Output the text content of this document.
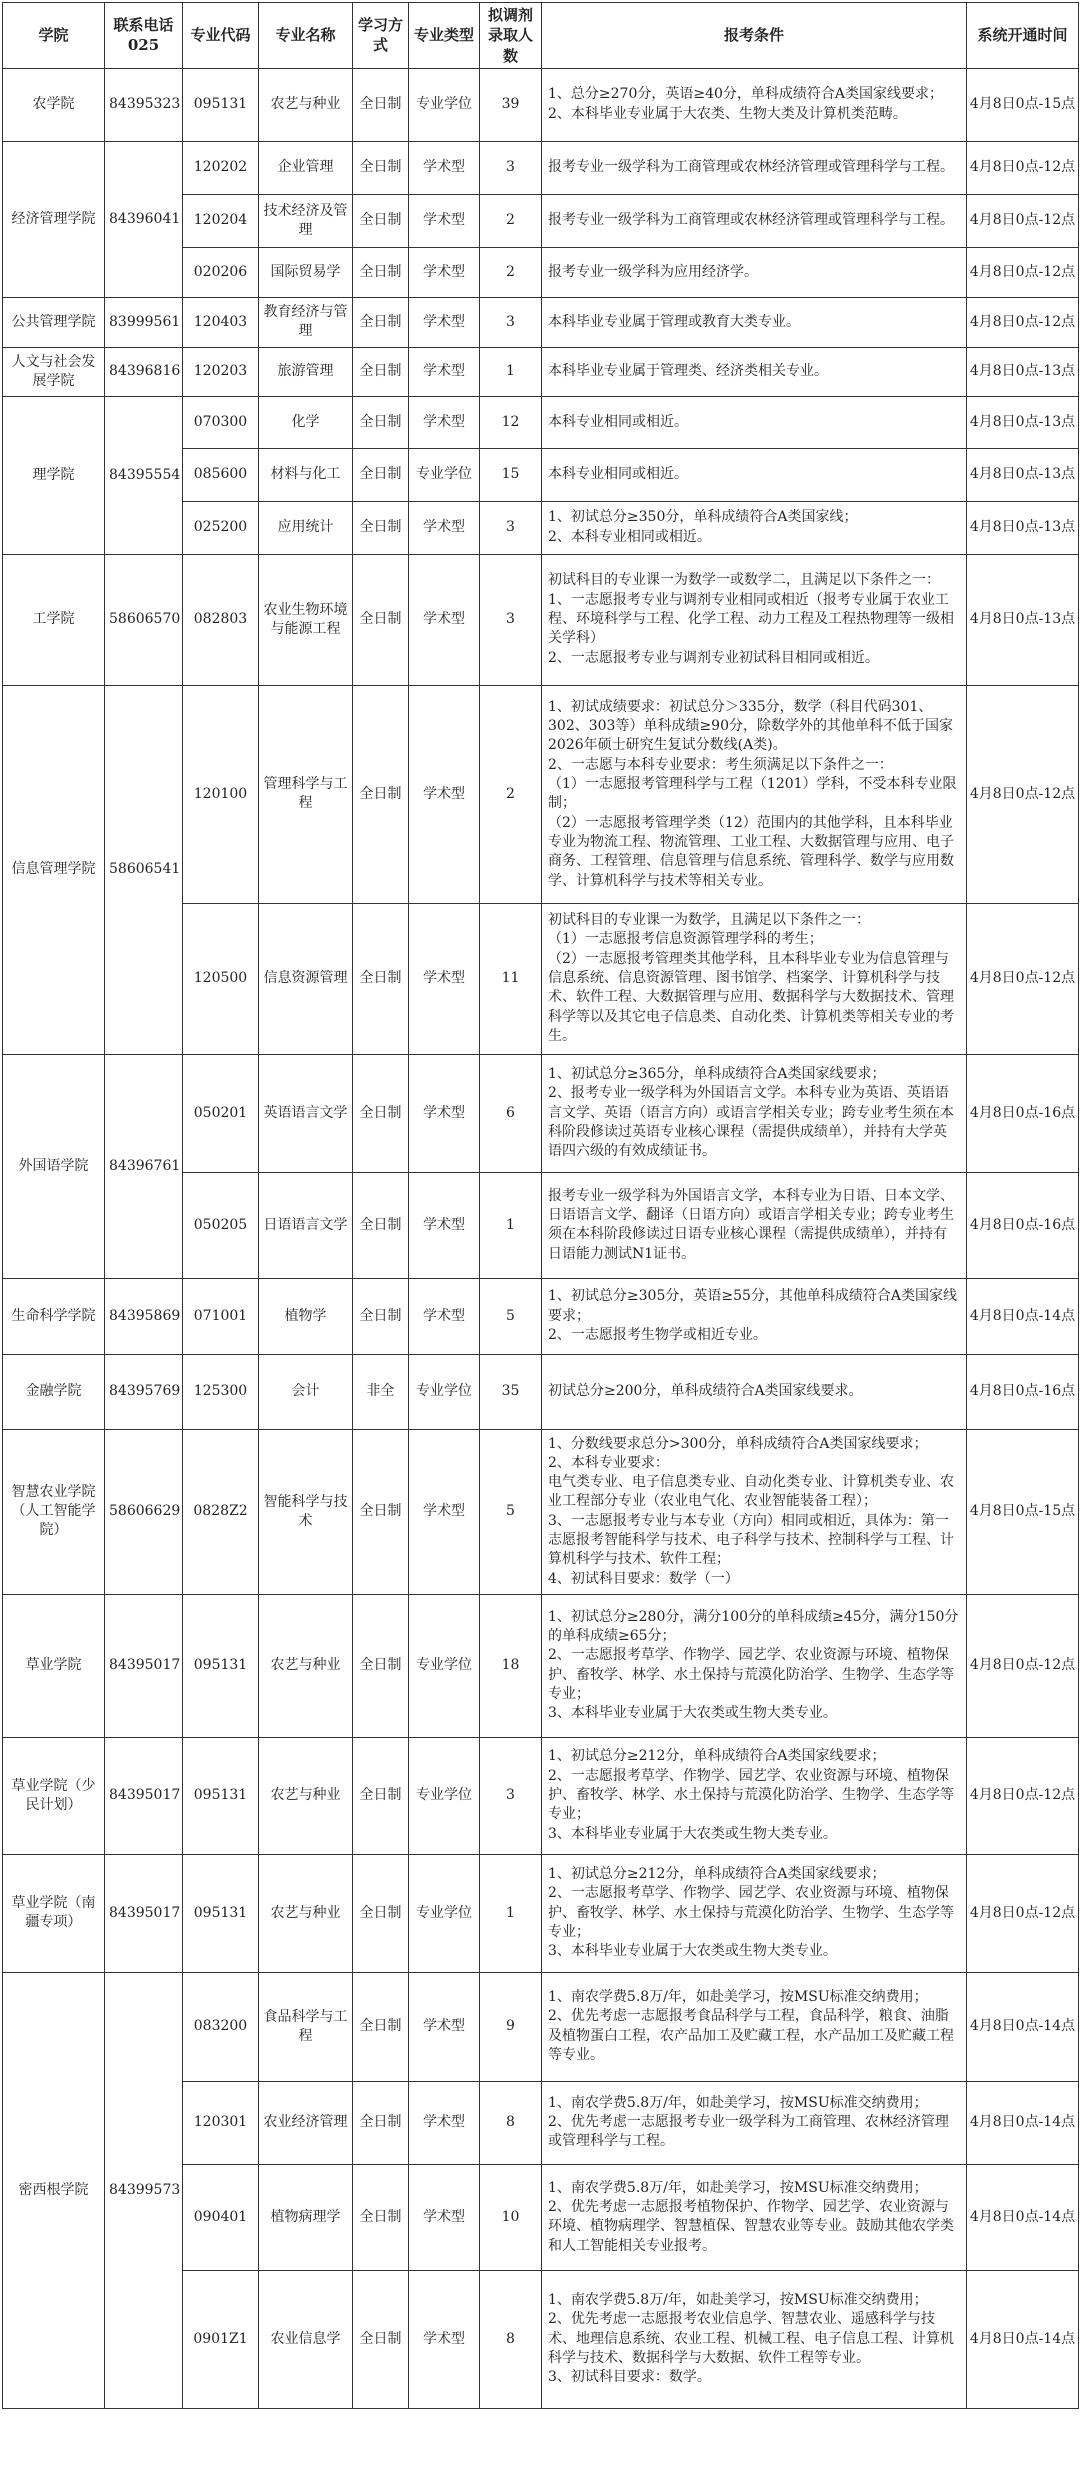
学院	联系电话025	专业代码	专业名称	学习方式	专业类型	拟调剂录取人数	报考条件	系统开通时间
农学院	84395323	095131	农艺与种业	全日制	专业学位	39	1、总分≥270分，英语≥40分，单科成绩符合A类国家线要求；
2、本科毕业专业属于大农类、生物大类及计算机类范畴。	4月8日0点-15点
经济管理学院	84396041	120202	企业管理	全日制	学术型	3	报考专业一级学科为工商管理或农林经济管理或管理科学与工程。	4月8日0点-12点
		120204	技术经济及管理	全日制	学术型	2	报考专业一级学科为工商管理或农林经济管理或管理科学与工程。	4月8日0点-12点
		020206	国际贸易学	全日制	学术型	2	报考专业一级学科为应用经济学。	4月8日0点-12点
公共管理学院	83999561	120403	教育经济与管理	全日制	学术型	3	本科毕业专业属于管理或教育大类专业。	4月8日0点-12点
人文与社会发展学院	84396816	120203	旅游管理	全日制	学术型	1	本科毕业专业属于管理类、经济类相关专业。	4月8日0点-13点
理学院	84395554	070300	化学	全日制	学术型	12	本科专业相同或相近。	4月8日0点-13点
		085600	材料与化工	全日制	专业学位	15	本科专业相同或相近。	4月8日0点-13点
		025200	应用统计	全日制	学术型	3	1、初试总分≥350分，单科成绩符合A类国家线；
2、本科专业相同或相近。	4月8日0点-13点
工学院	58606570	082803	农业生物环境与能源工程	全日制	学术型	3	初试科目的专业课一为数学一或数学二，且满足以下条件之一：
1、一志愿报考专业与调剂专业相同或相近（报考专业属于农业工程、环境科学与工程、化学工程、动力工程及工程热物理等一级相关学科）
2、一志愿报考专业与调剂专业初试科目相同或相近。	4月8日0点-13点
信息管理学院	58606541	120100	管理科学与工程	全日制	学术型	2	1、初试成绩要求：初试总分＞335分，数学（科目代码301、302、303等）单科成绩≥90分，除数学外的其他单科不低于国家2026年硕士研究生复试分数线(A类)。
2、一志愿与本科专业要求：考生须满足以下条件之一：
（1）一志愿报考管理科学与工程（1201）学科，不受本科专业限制；
（2）一志愿报考管理学类（12）范围内的其他学科，且本科毕业专业为物流工程、物流管理、工业工程、大数据管理与应用、电子商务、工程管理、信息管理与信息系统、管理科学、数学与应用数学、计算机科学与技术等相关专业。	4月8日0点-12点
		120500	信息资源管理	全日制	学术型	11	初试科目的专业课一为数学，且满足以下条件之一：
（1）一志愿报考信息资源管理学科的考生；
（2）一志愿报考管理类其他学科，且本科毕业专业为信息管理与信息系统、信息资源管理、图书馆学、档案学、计算机科学与技术、软件工程、大数据管理与应用、数据科学与大数据技术、管理科学等以及其它电子信息类、自动化类、计算机类等相关专业的考生。	4月8日0点-12点
外国语学院	84396761	050201	英语语言文学	全日制	学术型	6	1、初试总分≥365分，单科成绩符合A类国家线要求；
2、报考专业一级学科为外国语言文学。本科专业为英语、英语语言文学、英语（语言方向）或语言学相关专业；跨专业考生须在本科阶段修读过英语专业核心课程（需提供成绩单），并持有大学英语四六级的有效成绩证书。	4月8日0点-16点
		050205	日语语言文学	全日制	学术型	1	报考专业一级学科为外国语言文学，本科专业为日语、日本文学、日语语言文学、翻译（日语方向）或语言学相关专业；跨专业考生须在本科阶段修读过日语专业核心课程（需提供成绩单），并持有日语能力测试N1证书。	4月8日0点-16点
生命科学学院	84395869	071001	植物学	全日制	学术型	5	1、初试总分≥305分，英语≥55分，其他单科成绩符合A类国家线要求；
2、一志愿报考生物学或相近专业。	4月8日0点-14点
金融学院	84395769	125300	会计	非全	专业学位	35	初试总分≥200分，单科成绩符合A类国家线要求。	4月8日0点-16点
智慧农业学院（人工智能学院）	58606629	0828Z2	智能科学与技术	全日制	学术型	5	1、分数线要求总分>300分，单科成绩符合A类国家线要求；
2、本科专业要求：
电气类专业、电子信息类专业、自动化类专业、计算机类专业、农业工程部分专业（农业电气化、农业智能装备工程）；
3、一志愿报考专业与本专业（方向）相同或相近，具体为：第一志愿报考智能科学与技术、电子科学与技术、控制科学与工程、计算机科学与技术、软件工程；
4、初试科目要求：数学（一）	4月8日0点-15点
草业学院	84395017	095131	农艺与种业	全日制	专业学位	18	1、初试总分≥280分，满分100分的单科成绩≥45分，满分150分的单科成绩≥65分；
2、一志愿报考草学、作物学、园艺学、农业资源与环境、植物保护、畜牧学、林学、水土保持与荒漠化防治学、生物学、生态学等专业；
3、本科毕业专业属于大农类或生物大类专业。	4月8日0点-12点
草业学院（少民计划）	84395017	095131	农艺与种业	全日制	专业学位	3	1、初试总分≥212分，单科成绩符合A类国家线要求；
2、一志愿报考草学、作物学、园艺学、农业资源与环境、植物保护、畜牧学、林学、水土保持与荒漠化防治学、生物学、生态学等专业；
3、本科毕业专业属于大农类或生物大类专业。	4月8日0点-12点
草业学院（南疆专项）	84395017	095131	农艺与种业	全日制	专业学位	1	1、初试总分≥212分，单科成绩符合A类国家线要求；
2、一志愿报考草学、作物学、园艺学、农业资源与环境、植物保护、畜牧学、林学、水土保持与荒漠化防治学、生物学、生态学等专业；
3、本科毕业专业属于大农类或生物大类专业。	4月8日0点-12点
密西根学院	84399573	083200	食品科学与工程	全日制	学术型	9	1、南农学费5.8万/年，如赴美学习，按MSU标准交纳费用；
2、优先考虑一志愿报考食品科学与工程，食品科学，粮食、油脂及植物蛋白工程，农产品加工及贮藏工程，水产品加工及贮藏工程等专业。	4月8日0点-14点
		120301	农业经济管理	全日制	学术型	8	1、南农学费5.8万/年，如赴美学习，按MSU标准交纳费用；
2、优先考虑一志愿报考专业一级学科为工商管理、农林经济管理或管理科学与工程。	4月8日0点-14点
		090401	植物病理学	全日制	学术型	10	1、南农学费5.8万/年，如赴美学习，按MSU标准交纳费用；
2、优先考虑一志愿报考植物保护、作物学、园艺学、农业资源与环境、植物病理学、智慧植保、智慧农业等专业。鼓励其他农学类和人工智能相关专业报考。	4月8日0点-14点
		0901Z1	农业信息学	全日制	学术型	8	1、南农学费5.8万/年，如赴美学习，按MSU标准交纳费用；
2、优先考虑一志愿报考农业信息学、智慧农业、遥感科学与技术、地理信息系统、农业工程、机械工程、电子信息工程、计算机科学与技术、数据科学与大数据、软件工程等专业。
3、初试科目要求：数学。	4月8日0点-14点
